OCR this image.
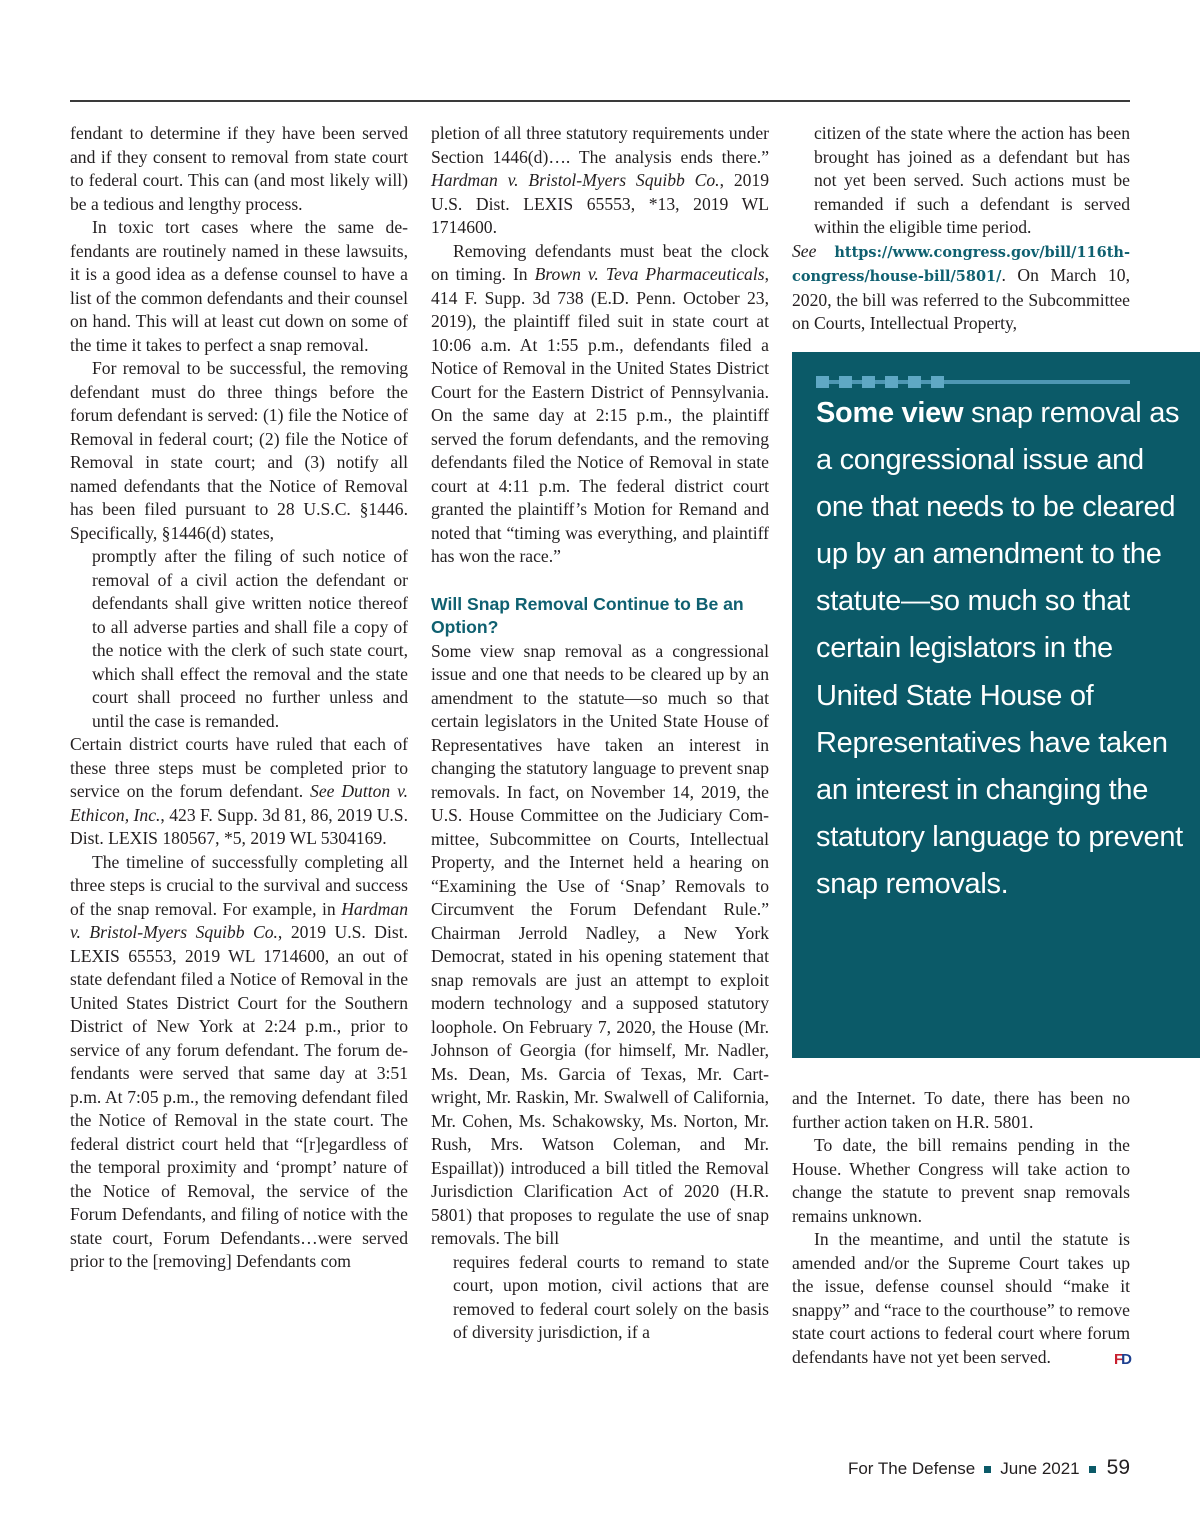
fendant to determine if they have been served and if they consent to removal from state court to federal court. This can (and most likely will) be a tedious and lengthy process.

In toxic tort cases where the same defendants are routinely named in these lawsuits, it is a good idea as a defense counsel to have a list of the common defendants and their counsel on hand. This will at least cut down on some of the time it takes to perfect a snap removal.

For removal to be successful, the removing defendant must do three things before the forum defendant is served: (1) file the Notice of Removal in federal court; (2) file the Notice of Removal in state court; and (3) notify all named defendants that the Notice of Removal has been filed pursuant to 28 U.S.C. §1446. Specifically, §1446(d) states,

promptly after the filing of such notice of removal of a civil action the defendant or defendants shall give written notice thereof to all adverse parties and shall file a copy of the notice with the clerk of such state court, which shall effect the removal and the state court shall proceed no further unless and until the case is remanded.

Certain district courts have ruled that each of these three steps must be completed prior to service on the forum defendant. See Dutton v. Ethicon, Inc., 423 F. Supp. 3d 81, 86, 2019 U.S. Dist. LEXIS 180567, *5, 2019 WL 5304169.

The timeline of successfully completing all three steps is crucial to the survival and success of the snap removal. For example, in Hardman v. Bristol-Myers Squibb Co., 2019 U.S. Dist. LEXIS 65553, 2019 WL 1714600, an out of state defendant filed a Notice of Removal in the United States District Court for the Southern District of New York at 2:24 p.m., prior to service of any forum defendant. The forum defendants were served that same day at 3:51 p.m. At 7:05 p.m., the removing defendant filed the Notice of Removal in the state court. The federal district court held that “[r]egardless of the temporal proximity and ‘prompt’ nature of the Notice of Removal, the service of the Forum Defendants, and filing of notice with the state court, Forum Defendants…were served prior to the [removing] Defendants com

pletion of all three statutory requirements under Section 1446(d)…. The analysis ends there.” Hardman v. Bristol-Myers Squibb Co., 2019 U.S. Dist. LEXIS 65553, *13, 2019 WL 1714600.

Removing defendants must beat the clock on timing. In Brown v. Teva Pharmaceuticals, 414 F. Supp. 3d 738 (E.D. Penn. October 23, 2019), the plaintiff filed suit in state court at 10:06 a.m. At 1:55 p.m., defendants filed a Notice of Removal in the United States District Court for the Eastern District of Pennsylvania. On the same day at 2:15 p.m., the plaintiff served the forum defendants, and the removing defendants filed the Notice of Removal in state court at 4:11 p.m. The federal district court granted the plaintiff’s Motion for Remand and noted that “timing was everything, and plaintiff has won the race.”

Will Snap Removal Continue to Be an Option?

Some view snap removal as a congressional issue and one that needs to be cleared up by an amendment to the statute—so much so that certain legislators in the United State House of Representatives have taken an interest in changing the statutory language to prevent snap removals. In fact, on November 14, 2019, the U.S. House Committee on the Judiciary Committee, Subcommittee on Courts, Intellectual Property, and the Internet held a hearing on “Examining the Use of ‘Snap’ Removals to Circumvent the Forum Defendant Rule.” Chairman Jerrold Nadley, a New York Democrat, stated in his opening statement that snap removals are just an attempt to exploit modern technology and a supposed statutory loophole. On February 7, 2020, the House (Mr. Johnson of Georgia (for himself, Mr. Nadler, Ms. Dean, Ms. Garcia of Texas, Mr. Cartwright, Mr. Raskin, Mr. Swalwell of California, Mr. Cohen, Ms. Schakowsky, Ms. Norton, Mr. Rush, Mrs. Watson Coleman, and Mr. Espaillat)) introduced a bill titled the Removal Jurisdiction Clarification Act of 2020 (H.R. 5801) that proposes to regulate the use of snap removals. The bill

requires federal courts to remand to state court, upon motion, civil actions that are removed to federal court solely on the basis of diversity jurisdiction, if a

citizen of the state where the action has been brought has joined as a defendant but has not yet been served. Such actions must be remanded if such a defendant is served within the eligible time period.

See https://www.congress.gov/bill/116th-congress/house-bill/5801/. On March 10, 2020, the bill was referred to the Subcommittee on Courts, Intellectual Property,

Some view snap removal as a congressional issue and one that needs to be cleared up by an amendment to the statute—so much so that certain legislators in the United State House of Representatives have taken an interest in changing the statutory language to prevent snap removals.

and the Internet. To date, there has been no further action taken on H.R. 5801.

To date, the bill remains pending in the House. Whether Congress will take action to change the statute to prevent snap removals remains unknown.

In the meantime, and until the statute is amended and/or the Supreme Court takes up the issue, defense counsel should “make it snappy” and “race to the courthouse” to remove state court actions to federal court where forum defendants have not yet been served.	FD

For The Defense June 2021 59
